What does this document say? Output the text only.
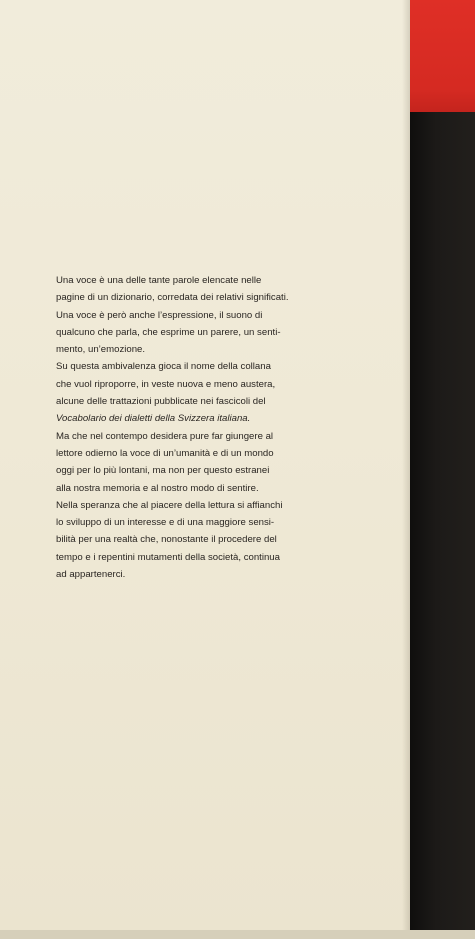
Una voce è una delle tante parole elencate nelle
pagine di un dizionario, corredata dei relativi significati.
Una voce è però anche l’espressione, il suono di
qualcuno che parla, che esprime un parere, un senti-
mento, un’emozione.
Su questa ambivalenza gioca il nome della collana
che vuol riproporre, in veste nuova e meno austera,
alcune delle trattazioni pubblicate nei fascicoli del
Vocabolario dei dialetti della Svizzera italiana.
Ma che nel contempo desidera pure far giungere al
lettore odierno la voce di un’umanità e di un mondo
oggi per lo più lontani, ma non per questo estranei
alla nostra memoria e al nostro modo di sentire.
Nella speranza che al piacere della lettura si affianchi
lo sviluppo di un interesse e di una maggiore sensi-
bilità per una realtà che, nonostante il procedere del
tempo e i repentini mutamenti della società, continua
ad appartenerci.
